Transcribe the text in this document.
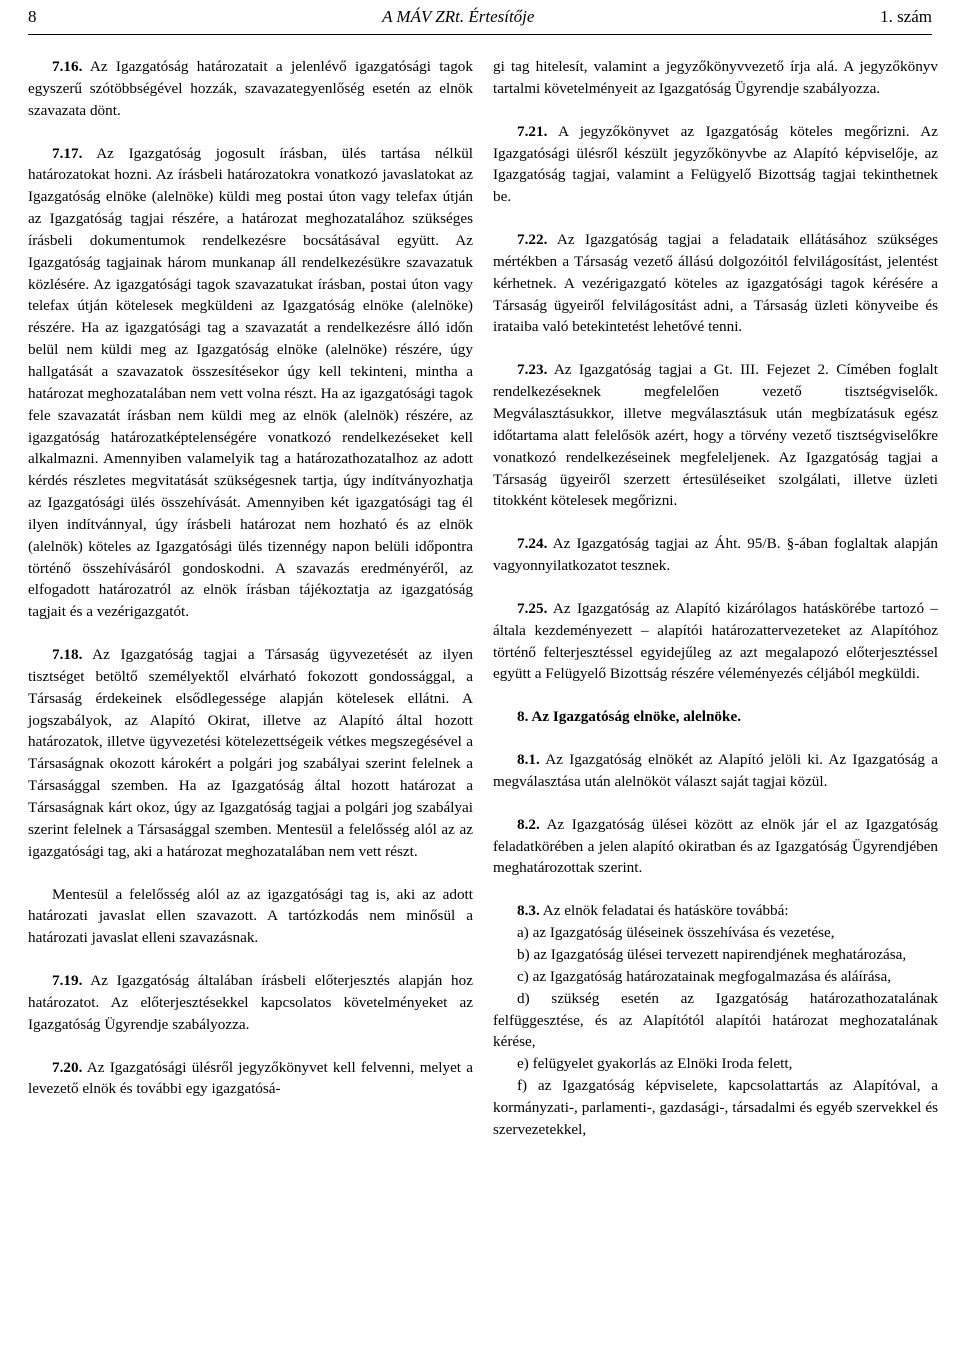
8	A MÁV ZRt. Értesítője	1. szám

7.16. Az Igazgatóság határozatait a jelenlévő igazgatósági tagok egyszerű szótöbbségével hozzák, szavazategyenlőség esetén az elnök szavazata dönt.

7.17. Az Igazgatóság jogosult írásban, ülés tartása nélkül határozatokat hozni. Az írásbeli határozatokra vonatkozó javaslatokat az Igazgatóság elnöke (alelnöke) küldi meg postai úton vagy telefax útján az Igazgatóság tagjai részére, a határozat meghozatalához szükséges írásbeli dokumentumok rendelkezésre bocsátásával együtt. Az Igazgatóság tagjainak három munkanap áll rendelkezésükre szavazatuk közlésére. Az igazgatósági tagok szavazatukat írásban, postai úton vagy telefax útján kötelesek megküldeni az Igazgatóság elnöke (alelnöke) részére. Ha az igazgatósági tag a szavazatát a rendelkezésre álló időn belül nem küldi meg az Igazgatóság elnöke (alelnöke) részére, úgy hallgatását a szavazatok összesítésekor úgy kell tekinteni, mintha a határozat meghozatalában nem vett volna részt. Ha az igazgatósági tagok fele szavazatát írásban nem küldi meg az elnök (alelnök) részére, az igazgatóság határozatképtelenségére vonatkozó rendelkezéseket kell alkalmazni. Amennyiben valamelyik tag a határozathozatalhoz az adott kérdés részletes megvitatását szükségesnek tartja, úgy indítványozhatja az Igazgatósági ülés összehívását. Amennyiben két igazgatósági tag él ilyen indítvánnyal, úgy írásbeli határozat nem hozható és az elnök (alelnök) köteles az Igazgatósági ülés tizennégy napon belüli időpontra történő összehívásáról gondoskodni. A szavazás eredményéről, az elfogadott határozatról az elnök írásban tájékoztatja az igazgatóság tagjait és a vezérigazgatót.

7.18. Az Igazgatóság tagjai a Társaság ügyvezetését az ilyen tisztséget betöltő személyektől elvárható fokozott gondossággal, a Társaság érdekeinek elsődlegessége alapján kötelesek ellátni. A jogszabályok, az Alapító Okirat, illetve az Alapító által hozott határozatok, illetve ügyvezetési kötelezettségeik vétkes megszegésével a Társaságnak okozott károkért a polgári jog szabályai szerint felelnek a Társasággal szemben. Ha az Igazgatóság által hozott határozat a Társaságnak kárt okoz, úgy az Igazgatóság tagjai a polgári jog szabályai szerint felelnek a Társasággal szemben. Mentesül a felelősség alól az az igazgatósági tag, aki a határozat meghozatalában nem vett részt.

Mentesül a felelősség alól az az igazgatósági tag is, aki az adott határozati javaslat ellen szavazott. A tartózkodás nem minősül a határozati javaslat elleni szavazásnak.

7.19. Az Igazgatóság általában írásbeli előterjesztés alapján hoz határozatot. Az előterjesztésekkel kapcsolatos követelményeket az Igazgatóság Ügyrendje szabályozza.

7.20. Az Igazgatósági ülésről jegyzőkönyvet kell felvenni, melyet a levezető elnök és további egy igazgatósá-

gi tag hitelesít, valamint a jegyzőkönyvvezető írja alá. A jegyzőkönyv tartalmi követelményeit az Igazgatóság Ügyrendje szabályozza.

7.21. A jegyzőkönyvet az Igazgatóság köteles megőrizni. Az Igazgatósági ülésről készült jegyzőkönyvbe az Alapító képviselője, az Igazgatóság tagjai, valamint a Felügyelő Bizottság tagjai tekinthetnek be.

7.22. Az Igazgatóság tagjai a feladataik ellátásához szükséges mértékben a Társaság vezető állású dolgozóitól felvilágosítást, jelentést kérhetnek. A vezérigazgató köteles az igazgatósági tagok kérésére a Társaság ügyeiről felvilágosítást adni, a Társaság üzleti könyveibe és irataiba való betekintetést lehetővé tenni.

7.23. Az Igazgatóság tagjai a Gt. III. Fejezet 2. Címében foglalt rendelkezéseknek megfelelően vezető tisztségviselők. Megválasztásukkor, illetve megválasztásuk után megbízatásuk egész időtartama alatt felelősök azért, hogy a törvény vezető tisztségviselőkre vonatkozó rendelkezéseinek megfeleljenek. Az Igazgatóság tagjai a Társaság ügyeiről szerzett értesüléseiket szolgálati, illetve üzleti titokként kötelesek megőrizni.

7.24. Az Igazgatóság tagjai az Áht. 95/B. §-ában foglaltak alapján vagyonnyilatkozatot tesznek.

7.25. Az Igazgatóság az Alapító kizárólagos hatáskörébe tartozó – általa kezdeményezett – alapítói határozattervezeteket az Alapítóhoz történő felterjesztéssel egyidejűleg az azt megalapozó előterjesztéssel együtt a Felügyelő Bizottság részére véleményezés céljából megküldi.

8. Az Igazgatóság elnöke, alelnöke.

8.1. Az Igazgatóság elnökét az Alapító jelöli ki. Az Igazgatóság a megválasztása után alelnököt választ saját tagjai közül.

8.2. Az Igazgatóság ülései között az elnök jár el az Igazgatóság feladatkörében a jelen alapító okiratban és az Igazgatóság Ügyrendjében meghatározottak szerint.

8.3. Az elnök feladatai és hatásköre továbbá:

a) az Igazgatóság üléseinek összehívása és vezetése,

b) az Igazgatóság ülései tervezett napirendjének meghatározása,

c) az Igazgatóság határozatainak megfogalmazása és aláírása,

d) szükség esetén az Igazgatóság határozathozatalának felfüggesztése, és az Alapítótól alapítói határozat meghozatalának kérése,

e) felügyelet gyakorlás az Elnöki Iroda felett,

f) az Igazgatóság képviselete, kapcsolattartás az Alapítóval, a kormányzati-, parlamenti-, gazdasági-, társadalmi és egyéb szervekkel és szervezetekkel,
